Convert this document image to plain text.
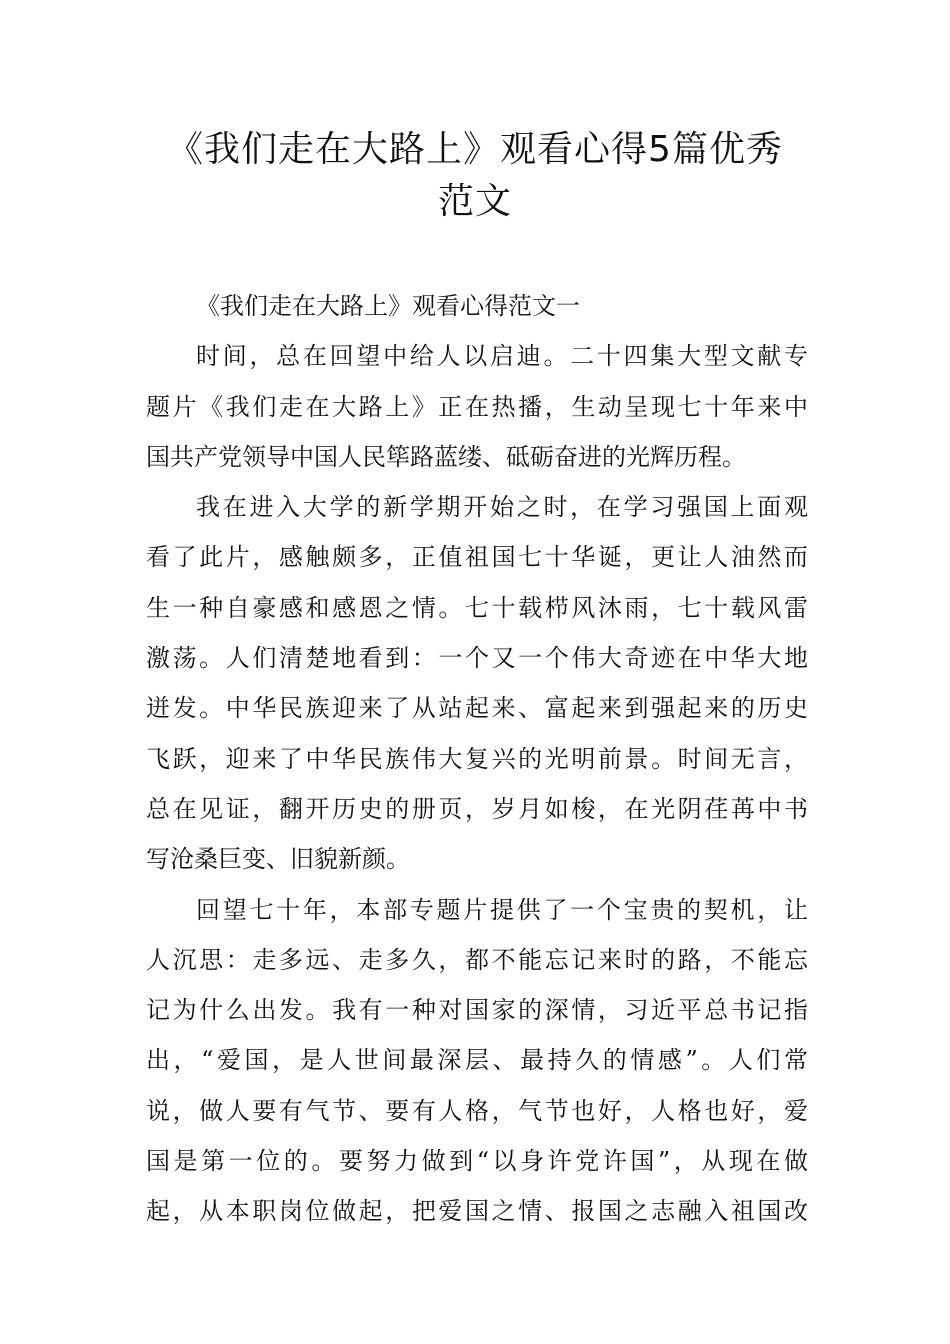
《我们走在大路上》观看心得5篇优秀
范文
《我们走在大路上》观看心得范文一
时间，总在回望中给人以启迪。二十四集大型文献专
题片《我们走在大路上》正在热播，生动呈现七十年来中
国共产党领导中国人民筚路蓝缕、砥砺奋进的光辉历程。
我在进入大学的新学期开始之时，在学习强国上面观
看了此片，感触颇多，正值祖国七十华诞，更让人油然而
生一种自豪感和感恩之情。七十载栉风沐雨，七十载风雷
激荡。人们清楚地看到：一个又一个伟大奇迹在中华大地
迸发。中华民族迎来了从站起来、富起来到强起来的历史
飞跃，迎来了中华民族伟大复兴的光明前景。时间无言，
总在见证，翻开历史的册页，岁月如梭，在光阴荏苒中书
写沧桑巨变、旧貌新颜。
回望七十年，本部专题片提供了一个宝贵的契机，让
人沉思：走多远、走多久，都不能忘记来时的路，不能忘
记为什么出发。我有一种对国家的深情，习近平总书记指
出，“爱国，是人世间最深层、最持久的情感”。人们常
说，做人要有气节、要有人格，气节也好，人格也好，爱
国是第一位的。要努力做到“以身许党许国”，从现在做
起，从本职岗位做起，把爱国之情、报国之志融入祖国改
